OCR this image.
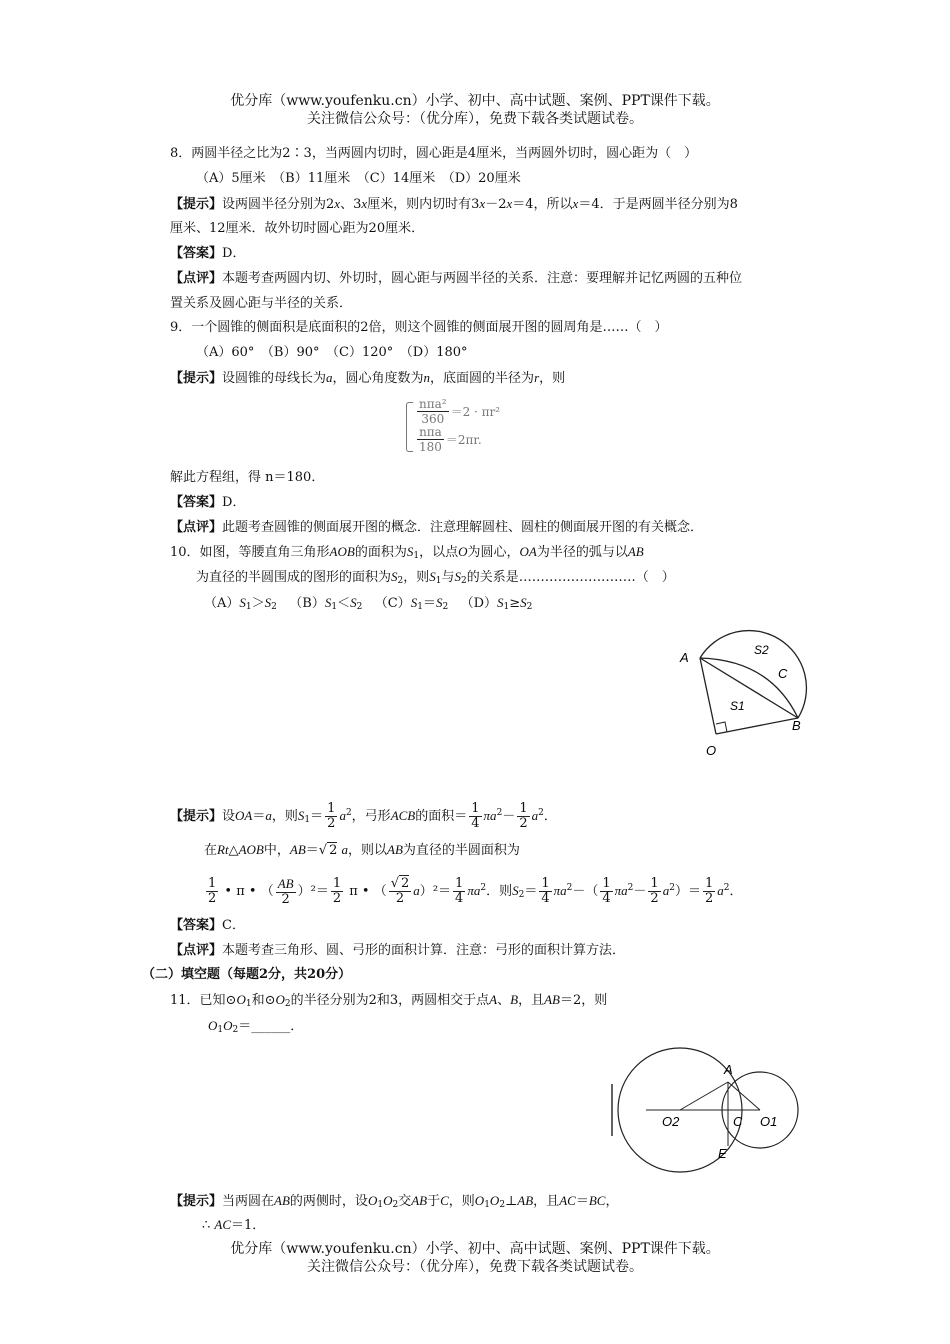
优分库（www.youfenku.cn）小学、初中、高中试题、案例、PPT课件下载。
关注微信公众号：（优分库），免费下载各类试题试卷。
8．两圆半径之比为2∶3，当两圆内切时，圆心距是4厘米，当两圆外切时，圆心距为（　）
（A）5厘米　（B）11厘米　（C）14厘米　（D）20厘米
【提示】设两圆半径分别为2x、3x厘米，则内切时有3x－2x＝4，所以x＝4．于是两圆半径分别为8
厘米、12厘米．故外切时圆心距为20厘米．
【答案】D．
【点评】本题考查两圆内切、外切时，圆心距与两圆半径的关系．注意：要理解并记忆两圆的五种位
置关系及圆心距与半径的关系．
9．一个圆锥的侧面积是底面积的2倍，则这个圆锥的侧面展开图的圆周角是……（　）
（A）60°　（B）90°　（C）120°　（D）180°
【提示】设圆锥的母线长为a，圆心角度数为n，底面圆的半径为r，则
$\frac{\text{nπa²}}{360} =2 \cdot \pi r^2$
$\frac{\text{nπa}}{180} =2\pi r$.
解此方程组，得 n＝180．
【答案】D．
【点评】此题考查圆锥的侧面展开图的概念．注意理解圆柱、圆柱的侧面展开图的有关概念．
10．如图，等腰直角三角形AOB的面积为$S_1$，以点O为圆心，OA为半径的弧与以AB
为直径的半圆围成的图形的面积为$S_2$，则$S_1$与$S_2$的关系是………………………（　）
$(A)S_1>S_2$ $(B)S_1<S_2$ $(C)S_1=S_2$ $(D)S_1\ge S_2$
A
B
C
O
S1
S2
【提示】设OA＝a，则$S_1= \frac{1}{2} a^2$，弓形ACB的面积＝ $\frac{1}{4} \pi a^2- \frac{1}{2} a^2$．
在Rt△AOB中，AB＝√ 2 a，则以AB为直径的半圆面积为
$\frac{1}{2}$ • π • （ $\frac{AB}{2} )^2= \frac{1}{2}$ π • （ $\frac{√ 2}{2} a)^2= \frac{1}{4} \pi a^2$．则$S_2= \frac{1}{4} \pi a^2-( \frac{1}{4} \pi a^2- \frac{1}{2} a^2)= \frac{1}{2} a^2$．
【答案】C．
【点评】本题考查三角形、圆、弓形的面积计算．注意：弓形的面积计算方法．
（二）填空题（每题2分，共20分）
11．已知$⊙O_1$和$⊙O_2$的半径分别为2和3，两圆相交于点A、B，且AB＝2，则
$O_1O_2=\_\_\_\_\_\_$．
A
C
E
O1
O2
【提示】当两圆在AB的两侧时，设$O_1O_2$交AB于C，则$O_1O_2\perp AB$，且AC＝BC，
∴ AC＝1．
优分库（www.youfenku.cn）小学、初中、高中试题、案例、PPT课件下载。
关注微信公众号：（优分库），免费下载各类试题试卷。
